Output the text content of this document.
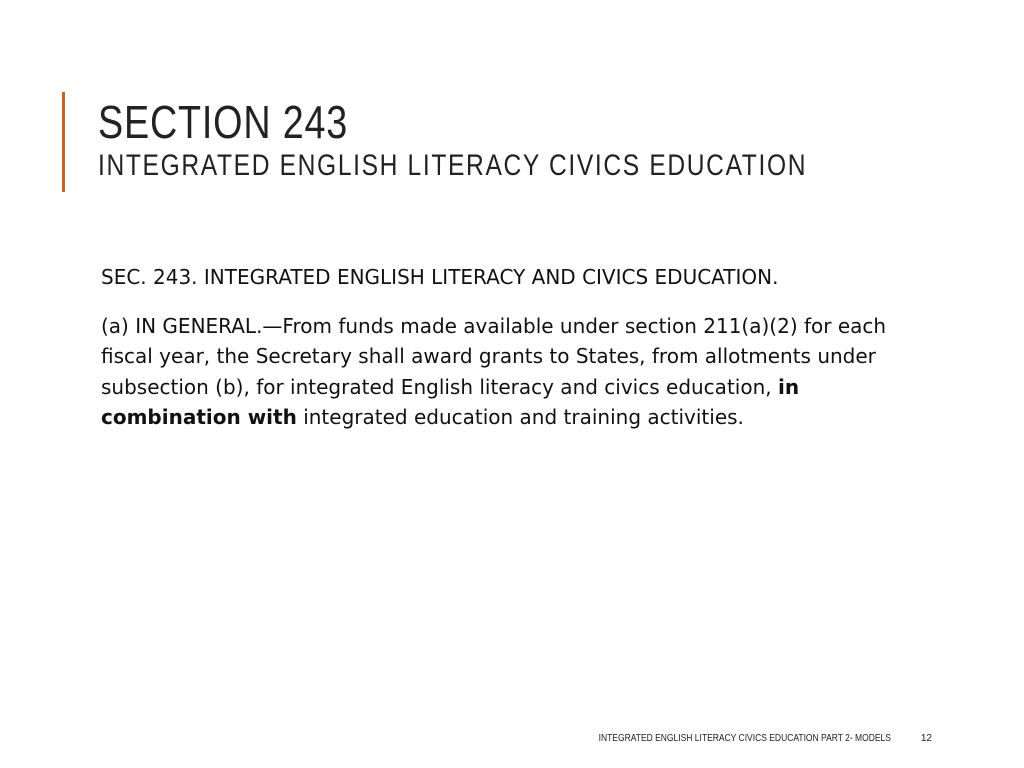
SECTION 243
INTEGRATED ENGLISH LITERACY CIVICS EDUCATION

SEC. 243. INTEGRATED ENGLISH LITERACY AND CIVICS EDUCATION.

(a) IN GENERAL.—From funds made available under section 211(a)(2) for each fiscal year, the Secretary shall award grants to States, from allotments under subsection (b), for integrated English literacy and civics education, in combination with integrated education and training activities.

INTEGRATED ENGLISH LITERACY CIVICS EDUCATION PART 2- MODELS	12
